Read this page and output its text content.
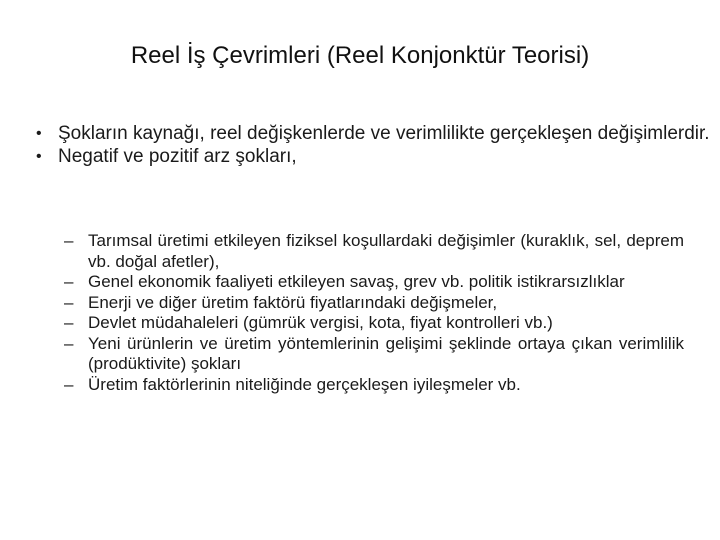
Reel İş Çevrimleri (Reel Konjonktür Teorisi)
• Şokların kaynağı, reel değişkenlerde ve verimlilikte gerçekleşen değişimlerdir.
• Negatif ve pozitif arz şokları,
– Tarımsal üretimi etkileyen fiziksel koşullardaki değişimler (kuraklık, sel, deprem vb. doğal afetler),
– Genel ekonomik faaliyeti etkileyen savaş, grev vb. politik istikrarsızlıklar
– Enerji ve diğer üretim faktörü fiyatlarındaki değişmeler,
– Devlet müdahaleleri (gümrük vergisi, kota, fiyat kontrolleri vb.)
– Yeni ürünlerin ve üretim yöntemlerinin gelişimi şeklinde ortaya çıkan verimlilik (prodüktivite) şokları
– Üretim faktörlerinin niteliğinde gerçekleşen iyileşmeler vb.
